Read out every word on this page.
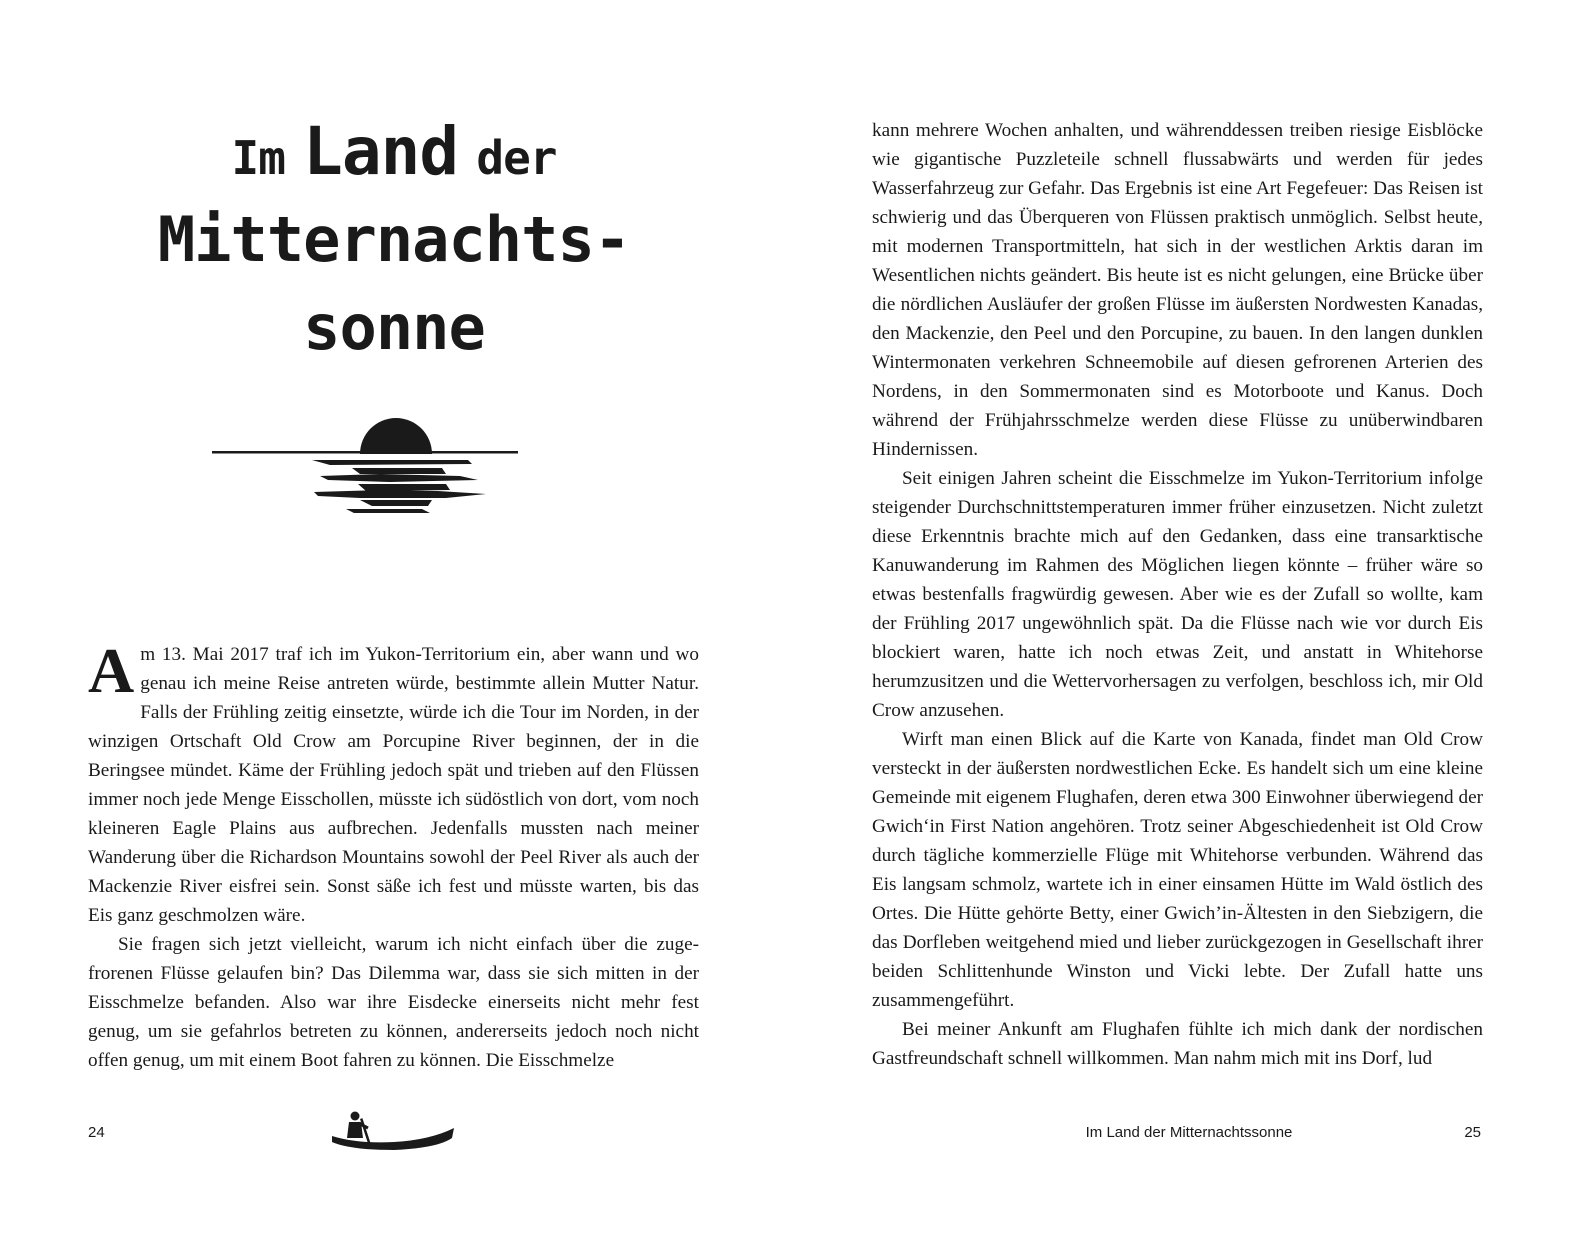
Im Land der
Mitternachts-
sonne

Am 13. Mai 2017 traf ich im Yukon-Territorium ein, aber wann und wo genau ich meine Reise antreten würde, bestimmte allein Mutter Natur. Falls der Frühling zeitig einsetzte, würde ich die Tour im Norden, in der winzigen Ortschaft Old Crow am Porcupine River beginnen, der in die Beringsee mündet. Käme der Frühling jedoch spät und trieben auf den Flüssen immer noch jede Menge Eisschollen, müsste ich südöstlich von dort, vom noch kleineren Eagle Plains aus aufbrechen. Jedenfalls mussten nach meiner Wanderung über die Richardson Mountains sowohl der Peel River als auch der Mackenzie River eisfrei sein. Sonst säße ich fest und müsste warten, bis das Eis ganz geschmolzen wäre.

Sie fragen sich jetzt vielleicht, warum ich nicht einfach über die zugefrorenen Flüsse gelaufen bin? Das Dilemma war, dass sie sich mitten in der Eisschmelze befanden. Also war ihre Eisdecke einerseits nicht mehr fest genug, um sie gefahrlos betreten zu können, andererseits jedoch noch nicht offen genug, um mit einem Boot fahren zu können. Die Eisschmelze

24

kann mehrere Wochen anhalten, und währenddessen treiben riesige Eisblöcke wie gigantische Puzzleteile schnell flussabwärts und werden für jedes Wasserfahrzeug zur Gefahr. Das Ergebnis ist eine Art Fegefeuer: Das Reisen ist schwierig und das Überqueren von Flüssen praktisch unmöglich. Selbst heute, mit modernen Transportmitteln, hat sich in der westlichen Arktis daran im Wesentlichen nichts geändert. Bis heute ist es nicht gelungen, eine Brücke über die nördlichen Ausläufer der großen Flüsse im äußersten Nordwesten Kanadas, den Mackenzie, den Peel und den Porcupine, zu bauen. In den langen dunklen Wintermonaten verkehren Schneemobile auf diesen gefrorenen Arterien des Nordens, in den Sommermonaten sind es Motorboote und Kanus. Doch während der Frühjahrsschmelze werden diese Flüsse zu unüberwindbaren Hindernissen.

Seit einigen Jahren scheint die Eisschmelze im Yukon-Territorium infolge steigender Durchschnittstemperaturen immer früher einzusetzen. Nicht zuletzt diese Erkenntnis brachte mich auf den Gedanken, dass eine transarktische Kanuwanderung im Rahmen des Möglichen liegen könnte – früher wäre so etwas bestenfalls fragwürdig gewesen. Aber wie es der Zufall so wollte, kam der Frühling 2017 ungewöhnlich spät. Da die Flüsse nach wie vor durch Eis blockiert waren, hatte ich noch etwas Zeit, und anstatt in Whitehorse herumzusitzen und die Wettervorhersagen zu verfolgen, beschloss ich, mir Old Crow anzusehen.

Wirft man einen Blick auf die Karte von Kanada, findet man Old Crow versteckt in der äußersten nordwestlichen Ecke. Es handelt sich um eine kleine Gemeinde mit eigenem Flughafen, deren etwa 300 Einwohner überwiegend der Gwich‘in First Nation angehören. Trotz seiner Abgeschiedenheit ist Old Crow durch tägliche kommerzielle Flüge mit Whitehorse verbunden. Während das Eis langsam schmolz, wartete ich in einer einsamen Hütte im Wald östlich des Ortes. Die Hütte gehörte Betty, einer Gwich’in-Ältesten in den Siebzigern, die das Dorfleben weitgehend mied und lieber zurückgezogen in Gesellschaft ihrer beiden Schlittenhunde Winston und Vicki lebte. Der Zufall hatte uns zusammengeführt.

Bei meiner Ankunft am Flughafen fühlte ich mich dank der nordischen Gastfreundschaft schnell willkommen. Man nahm mich mit ins Dorf, lud

Im Land der Mitternachtssonne	25
